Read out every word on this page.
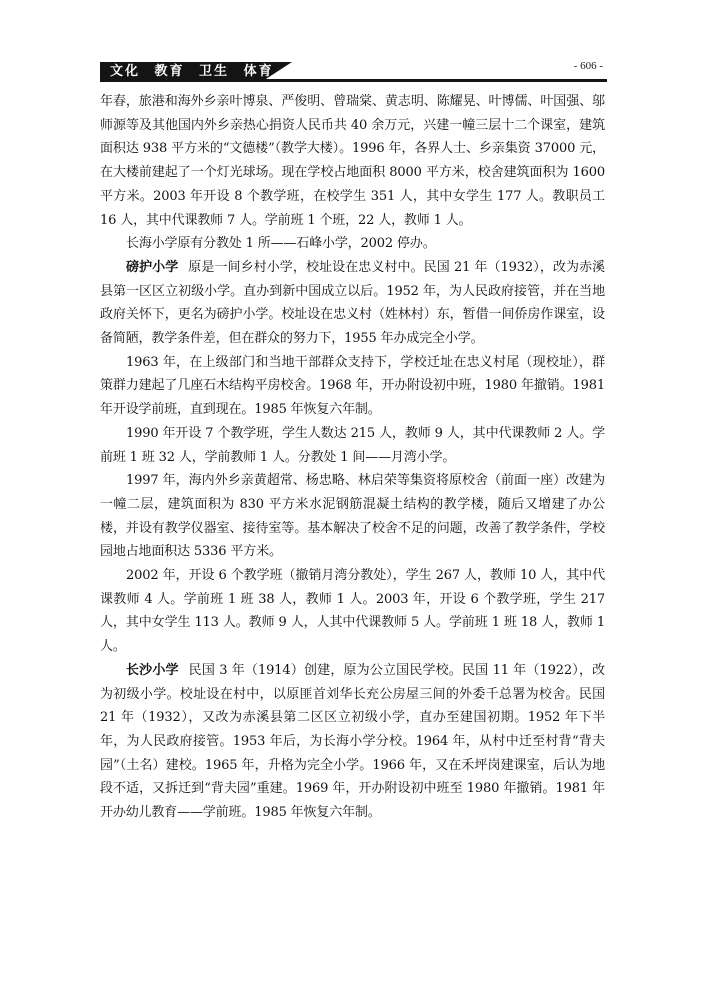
文化 教育 卫生 体育	- 606 -

年春，旅港和海外乡亲叶博泉、严俊明、曾瑞棠、黄志明、陈耀晃、叶博儒、叶国强、邬师源等及其他国内外乡亲热心捐资人民币共 40 余万元，兴建一幢三层十二个课室，建筑面积达 938 平方米的“文德楼”（教学大楼）。1996 年，各界人士、乡亲集资 37000 元，在大楼前建起了一个灯光球场。现在学校占地面积 8000 平方米，校舍建筑面积为 1600 平方米。2003 年开设 8 个教学班，在校学生 351 人，其中女学生 177 人。教职员工 16 人，其中代课教师 7 人。学前班 1 个班，22 人，教师 1 人。

长海小学原有分教处 1 所——石峰小学，2002 停办。

磅护小学 原是一间乡村小学，校址设在忠义村中。民国 21 年（1932），改为赤溪县第一区区立初级小学。直办到新中国成立以后。1952 年，为人民政府接管，并在当地政府关怀下，更名为磅护小学。校址设在忠义村（姓林村）东，暂借一间侨房作课室，设备简陋，教学条件差，但在群众的努力下，1955 年办成完全小学。

1963 年，在上级部门和当地干部群众支持下，学校迁址在忠义村尾（现校址），群策群力建起了几座石木结构平房校舍。1968 年，开办附设初中班，1980 年撤销。1981 年开设学前班，直到现在。1985 年恢复六年制。

1990 年开设 7 个教学班，学生人数达 215 人，教师 9 人，其中代课教师 2 人。学前班 1 班 32 人，学前教师 1 人。分教处 1 间——月湾小学。

1997 年，海内外乡亲黄超常、杨忠略、林启荣等集资将原校舍（前面一座）改建为一幢二层，建筑面积为 830 平方米水泥钢筋混凝土结构的教学楼，随后又增建了办公楼，并设有教学仪器室、接待室等。基本解决了校舍不足的问题，改善了教学条件，学校园地占地面积达 5336 平方米。

2002 年，开设 6 个教学班（撤销月湾分教处），学生 267 人，教师 10 人，其中代课教师 4 人。学前班 1 班 38 人，教师 1 人。2003 年，开设 6 个教学班，学生 217 人，其中女学生 113 人。教师 9 人，人其中代课教师 5 人。学前班 1 班 18 人，教师 1 人。

长沙小学 民国 3 年（1914）创建，原为公立国民学校。民国 11 年（1922），改为初级小学。校址设在村中，以原匪首刘华长充公房屋三间的外委千总署为校舍。民国 21 年（1932），又改为赤溪县第二区区立初级小学，直办至建国初期。1952 年下半年，为人民政府接管。1953 年后，为长海小学分校。1964 年，从村中迁至村背“背夫园”（土名）建校。1965 年，升格为完全小学。1966 年，又在禾坪岗建课室，后认为地段不适，又拆迁到“背夫园”重建。1969 年，开办附设初中班至 1980 年撤销。1981 年开办幼儿教育——学前班。1985 年恢复六年制。
